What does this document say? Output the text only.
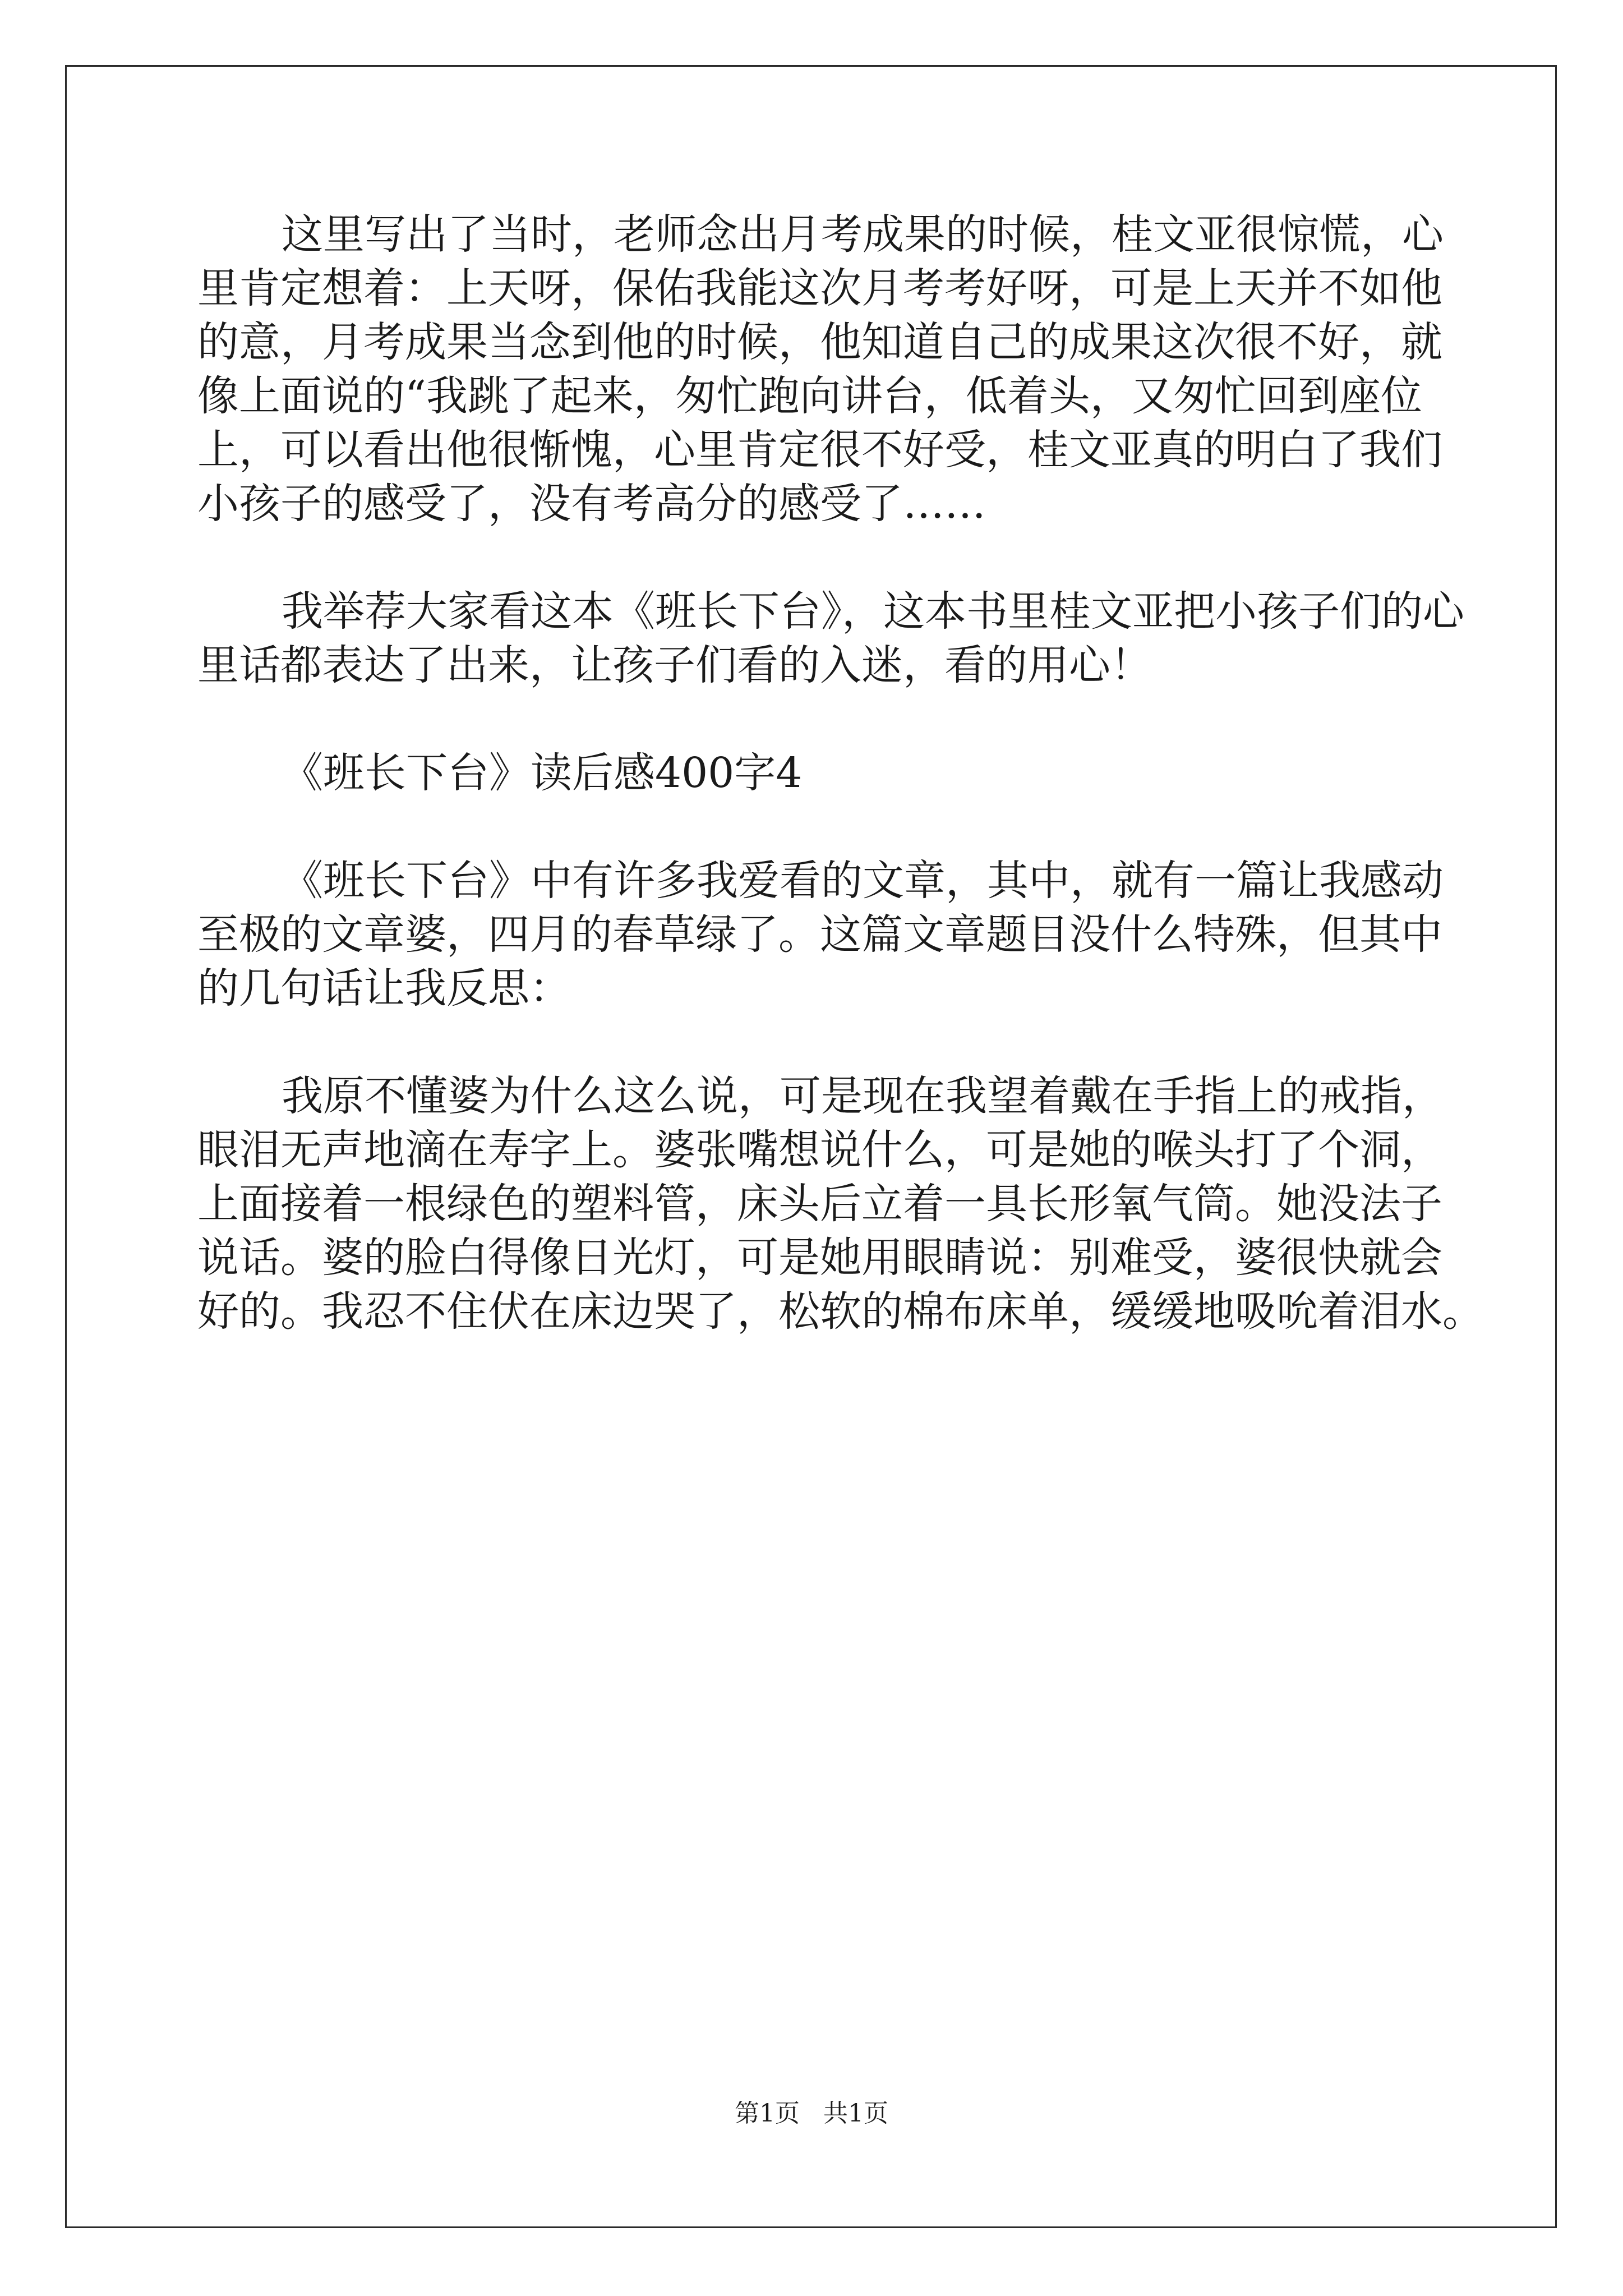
这里写出了当时，老师念出月考成果的时候，桂文亚很惊慌，心

里肯定想着：上天呀，保佑我能这次月考考好呀，可是上天并不如他

的意，月考成果当念到他的时候，他知道自己的成果这次很不好，就

像上面说的“我跳了起来，匆忙跑向讲台，低着头，又匆忙回到座位

上，可以看出他很惭愧，心里肯定很不好受，桂文亚真的明白了我们

小孩子的感受了，没有考高分的感受了……

我举荐大家看这本《班长下台》，这本书里桂文亚把小孩子们的心

里话都表达了出来，让孩子们看的入迷，看的用心！

《班长下台》读后感400字4

《班长下台》中有许多我爱看的文章，其中，就有一篇让我感动

至极的文章婆，四月的春草绿了。这篇文章题目没什么特殊，但其中

的几句话让我反思：

我原不懂婆为什么这么说，可是现在我望着戴在手指上的戒指，

眼泪无声地滴在寿字上。婆张嘴想说什么，可是她的喉头打了个洞，

上面接着一根绿色的塑料管，床头后立着一具长形氧气筒。她没法子

说话。婆的脸白得像日光灯，可是她用眼睛说：别难受，婆很快就会

好的。我忍不住伏在床边哭了，松软的棉布床单，缓缓地吸吮着泪水。

第1页 共1页
